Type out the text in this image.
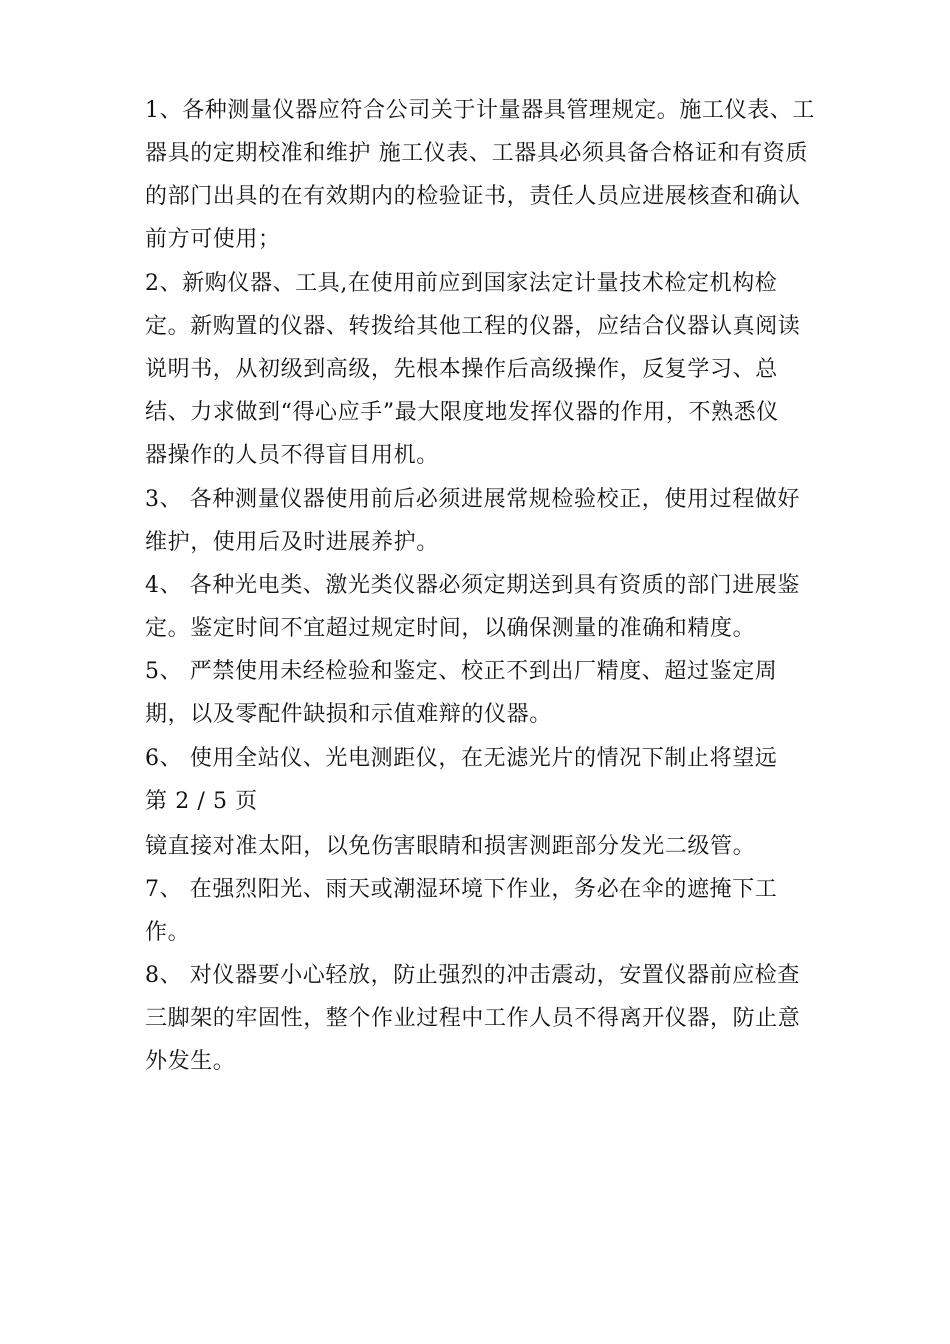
1、各种测量仪器应符合公司关于计量器具管理规定。施工仪表、工
器具的定期校准和维护 施工仪表、工器具必须具备合格证和有资质
的部门出具的在有效期内的检验证书，责任人员应进展核查和确认
前方可使用；
2、新购仪器、工具,在使用前应到国家法定计量技术检定机构检
定。新购置的仪器、转拨给其他工程的仪器，应结合仪器认真阅读
说明书，从初级到高级，先根本操作后高级操作，反复学习、总
结、力求做到“得心应手”最大限度地发挥仪器的作用，不熟悉仪
器操作的人员不得盲目用机。
3、 各种测量仪器使用前后必须进展常规检验校正，使用过程做好
维护，使用后及时进展养护。
4、 各种光电类、激光类仪器必须定期送到具有资质的部门进展鉴
定。鉴定时间不宜超过规定时间，以确保测量的准确和精度。
5、 严禁使用未经检验和鉴定、校正不到出厂精度、超过鉴定周
期，以及零配件缺损和示值难辩的仪器。
6、 使用全站仪、光电测距仪，在无滤光片的情况下制止将望远
第 2 / 5 页
镜直接对准太阳，以免伤害眼睛和损害测距部分发光二级管。
7、 在强烈阳光、雨天或潮湿环境下作业，务必在伞的遮掩下工
作。
8、 对仪器要小心轻放，防止强烈的冲击震动，安置仪器前应检查
三脚架的牢固性，整个作业过程中工作人员不得离开仪器，防止意
外发生。
